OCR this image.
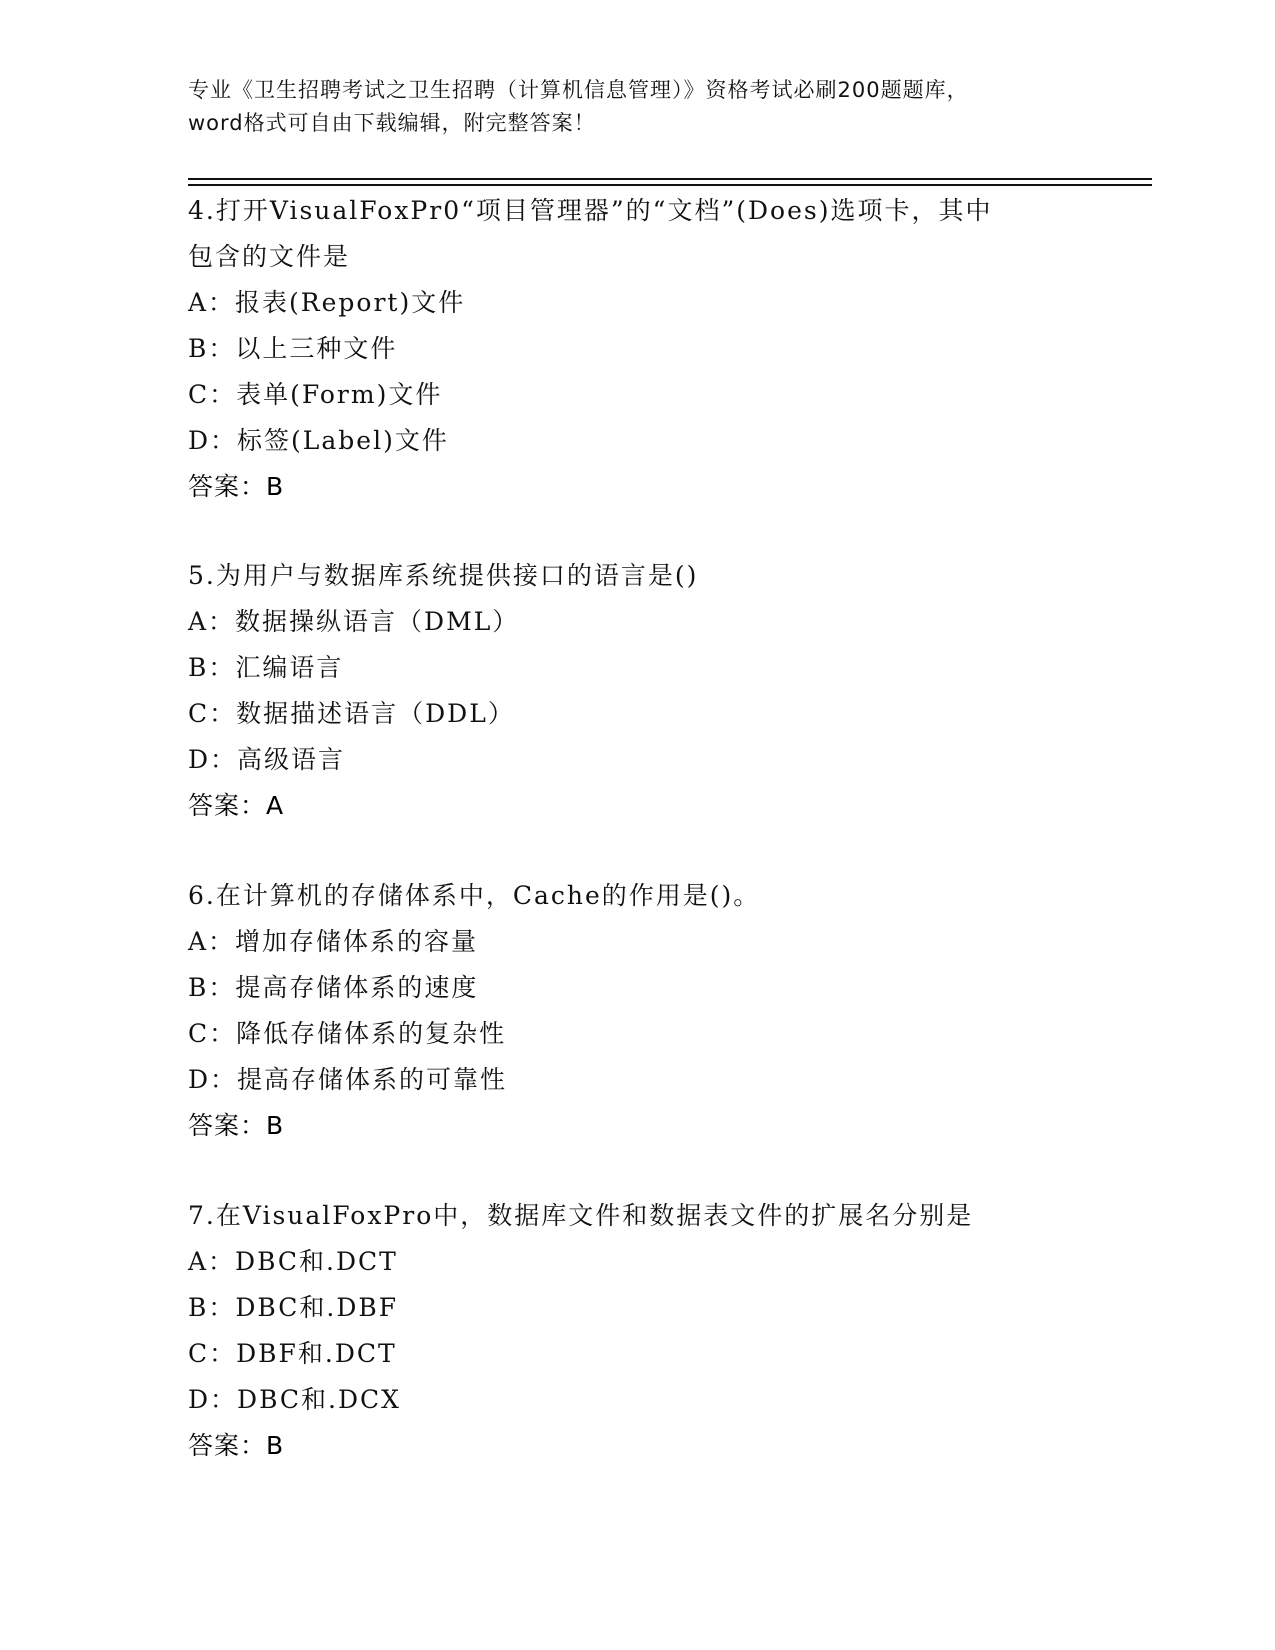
专业《卫生招聘考试之卫生招聘（计算机信息管理）》资格考试必刷200题题库，
word格式可自由下载编辑，附完整答案！
4.打开VisualFoxPr0“项目管理器”的“文档”(Does)选项卡，其中
包含的文件是
A：报表(Report)文件
B：以上三种文件
C：表单(Form)文件
D：标签(Label)文件
答案：B
5.为用户与数据库系统提供接口的语言是()
A：数据操纵语言（DML）
B：汇编语言
C：数据描述语言（DDL）
D：高级语言
答案：A
6.在计算机的存储体系中，Cache的作用是()。
A：增加存储体系的容量
B：提高存储体系的速度
C：降低存储体系的复杂性
D：提高存储体系的可靠性
答案：B
7.在VisualFoxPro中，数据库文件和数据表文件的扩展名分别是
A：DBC和.DCT
B：DBC和.DBF
C：DBF和.DCT
D：DBC和.DCX
答案：B
